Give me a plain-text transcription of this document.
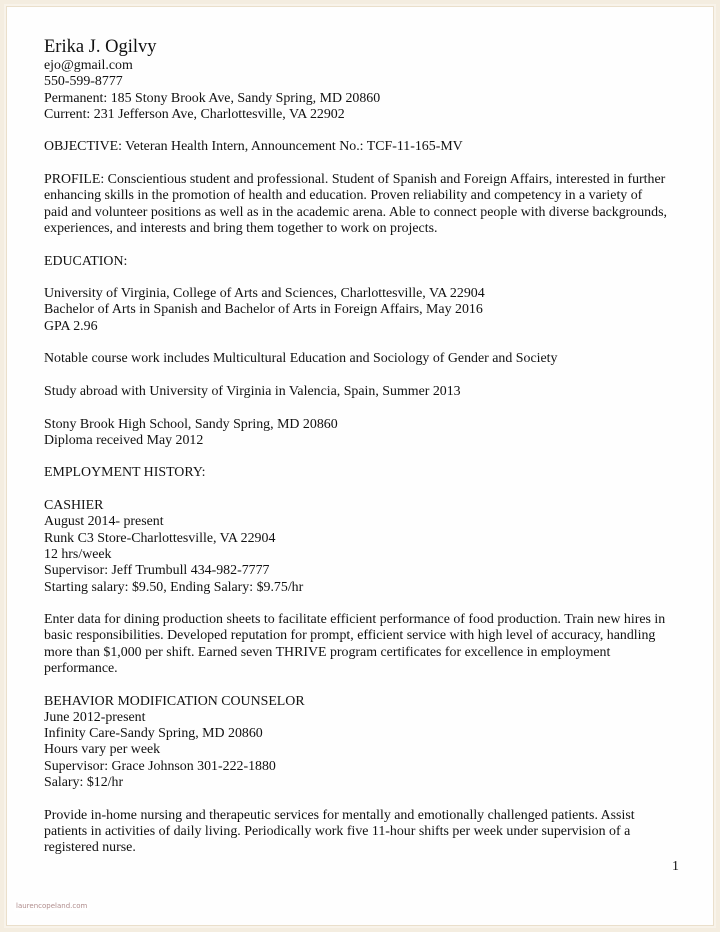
Erika J. Ogilvy
ejo@gmail.com
550-599-8777
Permanent: 185 Stony Brook Ave, Sandy Spring, MD 20860
Current: 231 Jefferson Ave, Charlottesville, VA 22902
OBJECTIVE: Veteran Health Intern, Announcement No.: TCF-11-165-MV
PROFILE: Conscientious student and professional. Student of Spanish and Foreign Affairs, interested in further
enhancing skills in the promotion of health and education. Proven reliability and competency in a variety of
paid and volunteer positions as well as in the academic arena. Able to connect people with diverse backgrounds,
experiences, and interests and bring them together to work on projects.
EDUCATION:
University of Virginia, College of Arts and Sciences, Charlottesville, VA 22904
Bachelor of Arts in Spanish and Bachelor of Arts in Foreign Affairs, May 2016
GPA 2.96
Notable course work includes Multicultural Education and Sociology of Gender and Society
Study abroad with University of Virginia in Valencia, Spain, Summer 2013
Stony Brook High School, Sandy Spring, MD 20860
Diploma received May 2012
EMPLOYMENT HISTORY:
CASHIER
August 2014- present
Runk C3 Store-Charlottesville, VA 22904
12 hrs/week
Supervisor: Jeff Trumbull 434-982-7777
Starting salary: $9.50, Ending Salary: $9.75/hr
Enter data for dining production sheets to facilitate efficient performance of food production. Train new hires in
basic responsibilities. Developed reputation for prompt, efficient service with high level of accuracy, handling
more than $1,000 per shift. Earned seven THRIVE program certificates for excellence in employment
performance.
BEHAVIOR MODIFICATION COUNSELOR
June 2012-present
Infinity Care-Sandy Spring, MD 20860
Hours vary per week
Supervisor: Grace Johnson 301-222-1880
Salary: $12/hr
Provide in-home nursing and therapeutic services for mentally and emotionally challenged patients. Assist
patients in activities of daily living. Periodically work five 11-hour shifts per week under supervision of a
registered nurse.
1
laurencopeland.com
